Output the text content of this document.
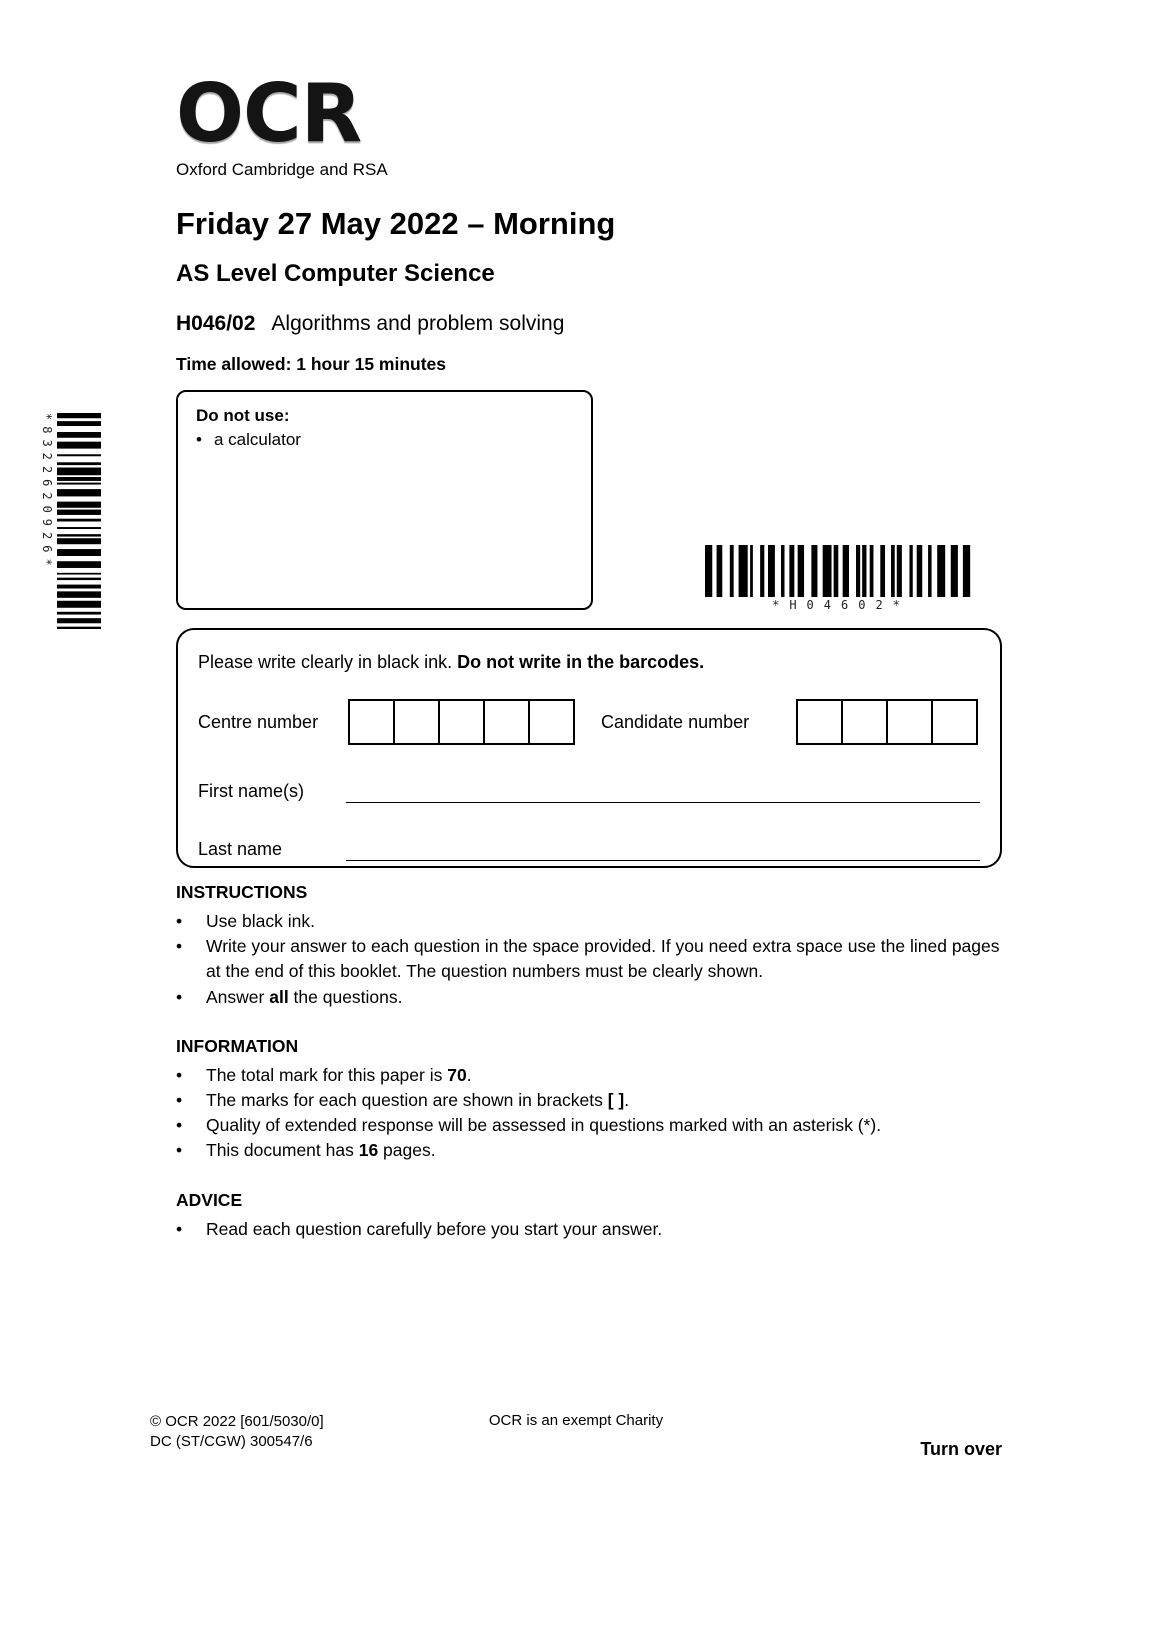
OCR
Oxford Cambridge and RSA
Friday 27 May 2022 – Morning
AS Level Computer Science
H046/02 Algorithms and problem solving
Time allowed: 1 hour 15 minutes
Do not use:
• a calculator
*8322620926*
*H04602*
Please write clearly in black ink. Do not write in the barcodes.
Centre number	Candidate number
First name(s)
Last name
INSTRUCTIONS
•	Use black ink.
•	Write your answer to each question in the space provided. If you need extra space use the lined pages at the end of this booklet. The question numbers must be clearly shown.
•	Answer all the questions.
INFORMATION
•	The total mark for this paper is 70.
•	The marks for each question are shown in brackets [ ].
•	Quality of extended response will be assessed in questions marked with an asterisk (*).
•	This document has 16 pages.
ADVICE
•	Read each question carefully before you start your answer.
© OCR 2022 [601/5030/0]
DC (ST/CGW) 300547/6
OCR is an exempt Charity
Turn over
